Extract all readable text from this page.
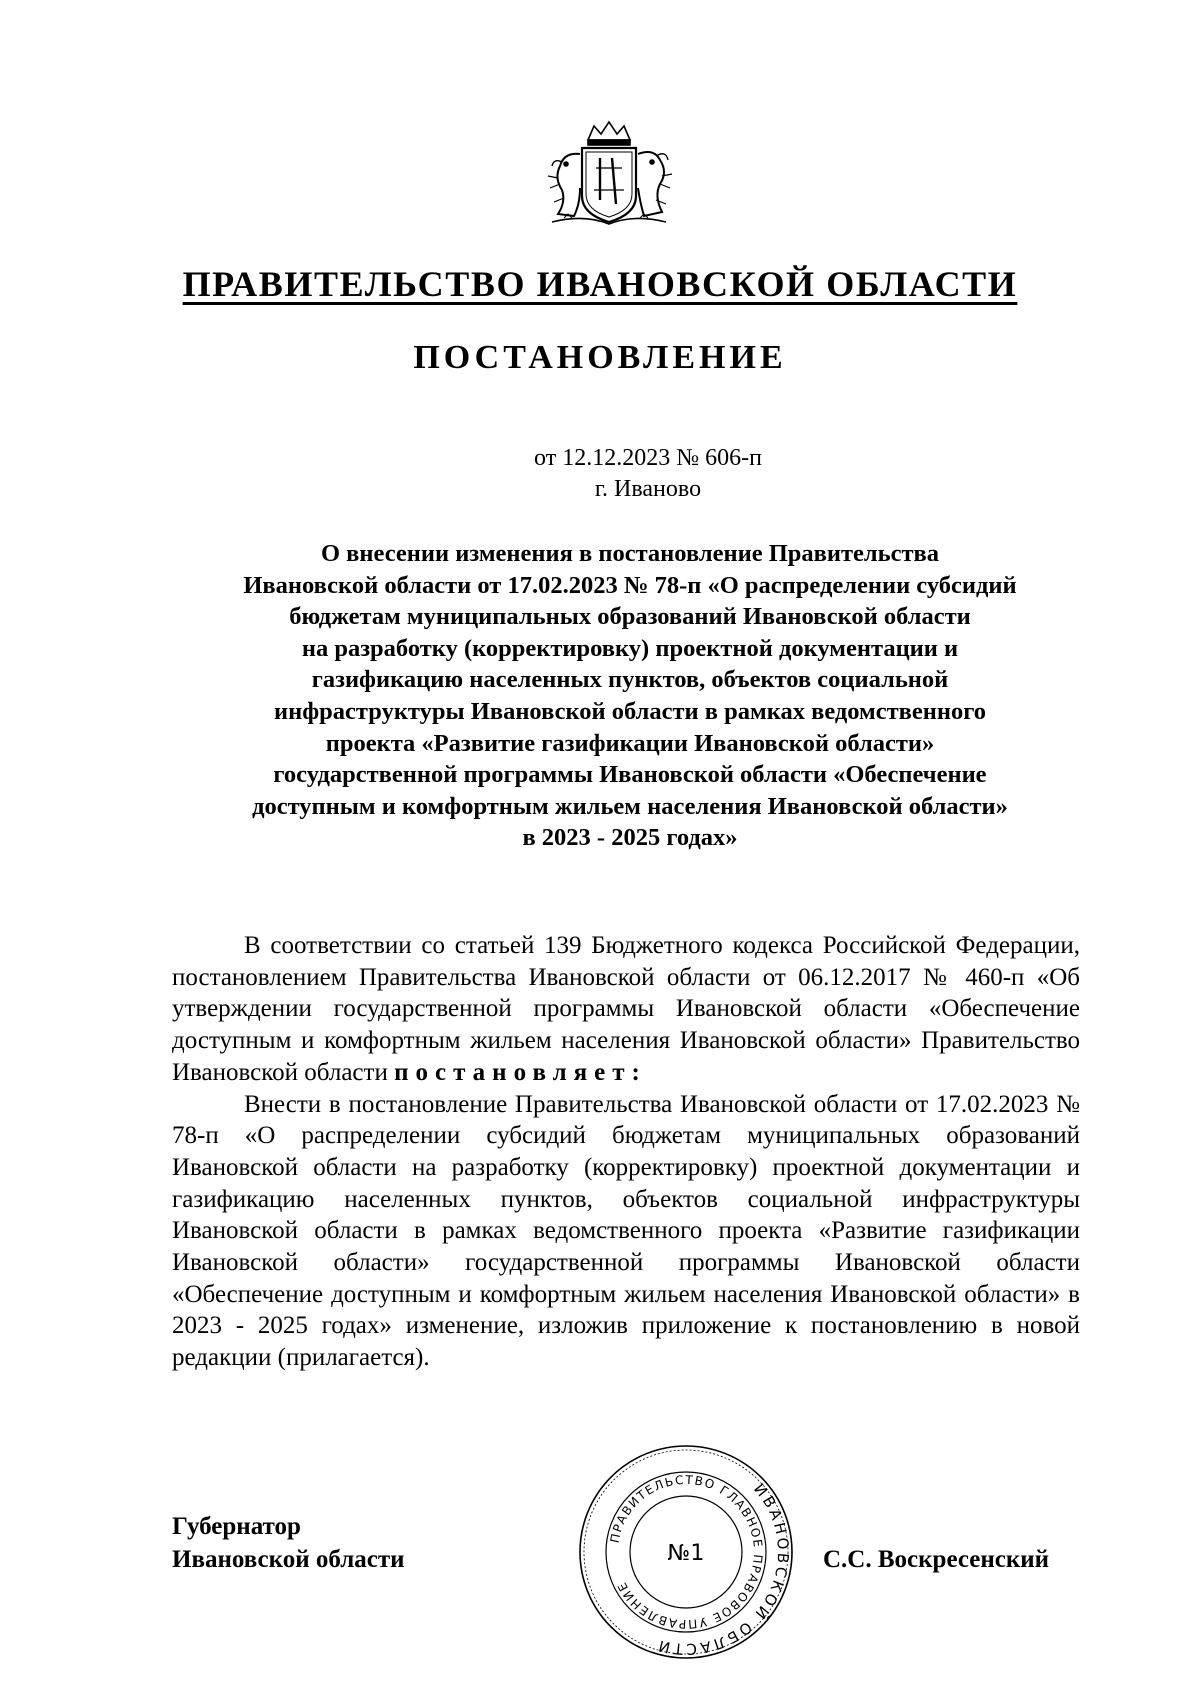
ПРАВИТЕЛЬСТВО ИВАНОВСКОЙ ОБЛАСТИ
ПОСТАНОВЛЕНИЕ
от 12.12.2023 № 606-п
г. Иваново
О внесении изменения в постановление Правительства
Ивановской области от 17.02.2023 № 78-п «О распределении субсидий
бюджетам муниципальных образований Ивановской области
на разработку (корректировку) проектной документации и
газификацию населенных пунктов, объектов социальной
инфраструктуры Ивановской области в рамках ведомственного
проекта «Развитие газификации Ивановской области»
государственной программы Ивановской области «Обеспечение
доступным и комфортным жильем населения Ивановской области»
в 2023 - 2025 годах»

В соответствии со статьей 139 Бюджетного кодекса Российской Федерации, постановлением Правительства Ивановской области от 06.12.2017 № 460-п «Об утверждении государственной программы Ивановской области «Обеспечение доступным и комфортным жильем населения Ивановской области» Правительство Ивановской области постановляет:

Внести в постановление Правительства Ивановской области от 17.02.2023 № 78-п «О распределении субсидий бюджетам муниципальных образований Ивановской области на разработку (корректировку) проектной документации и газификацию населенных пунктов, объектов социальной инфраструктуры Ивановской области в рамках ведомственного проекта «Развитие газификации Ивановской области» государственной программы Ивановской области «Обеспечение доступным и комфортным жильем населения Ивановской области» в 2023 - 2025 годах» изменение, изложив приложение к постановлению в новой редакции (прилагается).

Губернатор
Ивановской области
ИВАНОВСКОЙ ОБЛАСТИ
ПРАВИТЕЛЬСТВО ГЛАВНОЕ ПРАВОВОЕ УПРАВЛЕНИЕ
№1	С.С. Воскресенский
